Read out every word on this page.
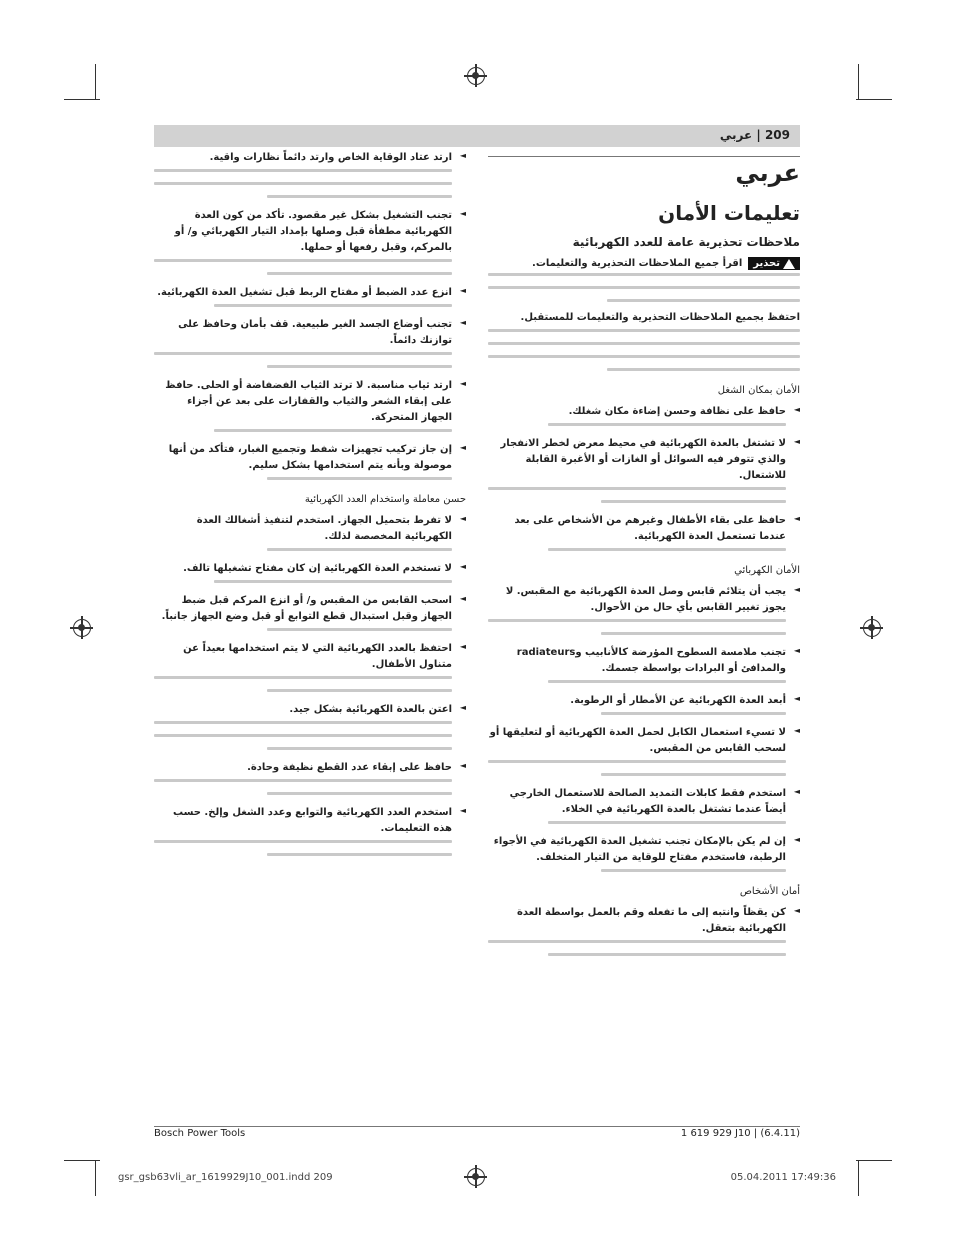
209 | عربي
عربي
تعليمات الأمان
ملاحظات تحذيرية عامة للعدد الكهربائية
تحذير
اقرأ جميع الملاحظات التحذيرية والتعليمات.
احتفظ بجميع الملاحظات التحذيرية والتعليمات للمستقبل.
الأمان بمكان الشغل
◄
حافظ على نظافة وحسن إضاءة مكان شغلك.
◄
لا تشتغل بالعدة الكهربائية في محيط معرض لخطر الانفجار والذي تتوفر فيه السوائل أو الغازات أو الأغبرة القابلة للاشتعال.
◄
حافظ على بقاء الأطفال وغيرهم من الأشخاص على بعد عندما تستعمل العدة الكهربائية.
الأمان الكهربائي
◄
يجب أن يتلائم قابس وصل العدة الكهربائية مع المقبس. لا يجوز تغيير القابس بأي حال من الأحوال.
◄
تجنب ملامسة السطوح المؤرضة كالأنابيب وradiateurs والمدافئ أو البرادات بواسطة جسمك.
◄
أبعد العدة الكهربائية عن الأمطار أو الرطوبة.
◄
لا تسيء استعمال الكابل لحمل العدة الكهربائية أو لتعليقها أو لسحب القابس من المقبس.
◄
استخدم فقط كابلات التمديد الصالحة للاستعمال الخارجي أيضاً عندما تشتغل بالعدة الكهربائية في الخلاء.
◄
إن لم يكن بالإمكان تجنب تشغيل العدة الكهربائية في الأجواء الرطبة، فاستخدم مفتاح للوقاية من التيار المتخلف.
أمان الأشخاص
◄
كن يقظاً وانتبه إلى ما تفعله وقم بالعمل بواسطة العدة الكهربائية بتعقل.
◄
ارتد عتاد الوقاية الخاص وارتد دائماً نظارات واقية.
◄
تجنب التشغيل بشكل غير مقصود. تأكد من كون العدة الكهربائية مطفأة قبل وصلها بإمداد التيار الكهربائي و/ أو بالمركم، وقبل رفعها أو حملها.
◄
انزع عدد الضبط أو مفتاح الربط قبل تشغيل العدة الكهربائية.
◄
تجنب أوضاع الجسد الغير طبيعية. قف بأمان وحافظ على توازنك دائماً.
◄
ارتد ثياب مناسبة. لا ترتد الثياب الفضفاضة أو الحلى. حافظ على إبقاء الشعر والثياب والقفازات على بعد عن أجزاء الجهاز المتحركة.
◄
إن جاز تركيب تجهيزات شفط وتجميع الغبار، فتأكد من أنها موصولة وبأنه يتم استخدامها بشكل سليم.
حسن معاملة واستخدام العدد الكهربائية
◄
لا تفرط بتحميل الجهاز. استخدم لتنفيذ أشغالك العدة الكهربائية المخصصة لذلك.
◄
لا تستخدم العدة الكهربائية إن كان مفتاح تشغيلها تالف.
◄
اسحب القابس من المقبس و/ أو انزع المركم قبل ضبط الجهاز وقبل استبدال قطع التوابع أو قبل وضع الجهاز جانباً.
◄
احتفظ بالعدد الكهربائية التي لا يتم استخدامها بعيداً عن متناول الأطفال.
◄
اعتن بالعدة الكهربائية بشكل جيد.
◄
حافظ على إبقاء عدد القطع نظيفة وحادة.
◄
استخدم العدد الكهربائية والتوابع وعدد الشغل وإلخ. حسب هذه التعليمات.
Bosch Power Tools	1 619 929 J10 | (6.4.11)
gsr_gsb63vli_ar_1619929J10_001.indd 209	05.04.2011 17:49:36
